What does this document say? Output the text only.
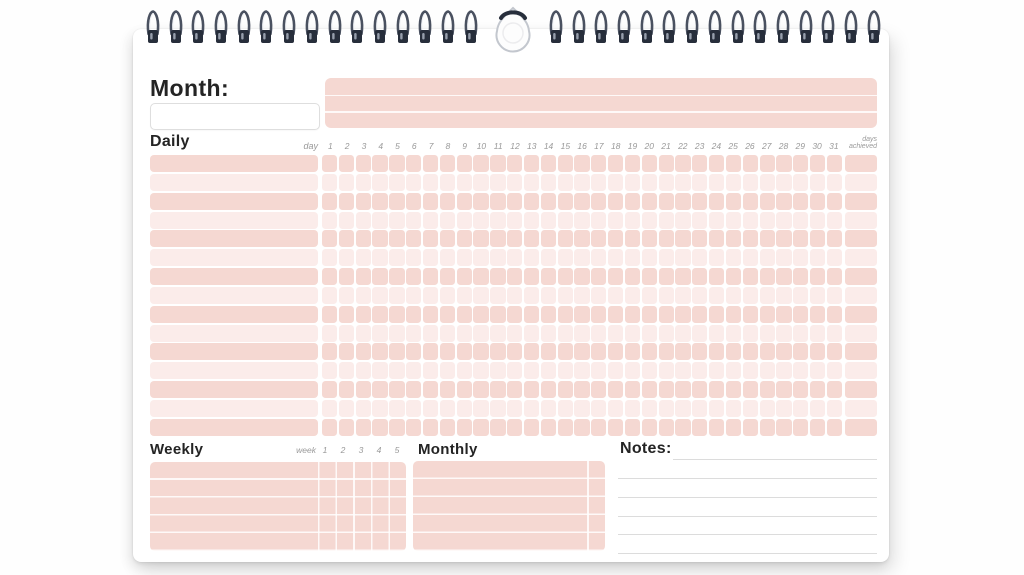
Month:
Daily	day	1	2	3	4	5	6	7	8	9	10 11 12 13 14 15 16 17 18 19 20 21 22 23 24 25 26 27 28 29 30 31
days
achieved
Weekly	week 1	2	3	4	5	Monthly	Notes:
